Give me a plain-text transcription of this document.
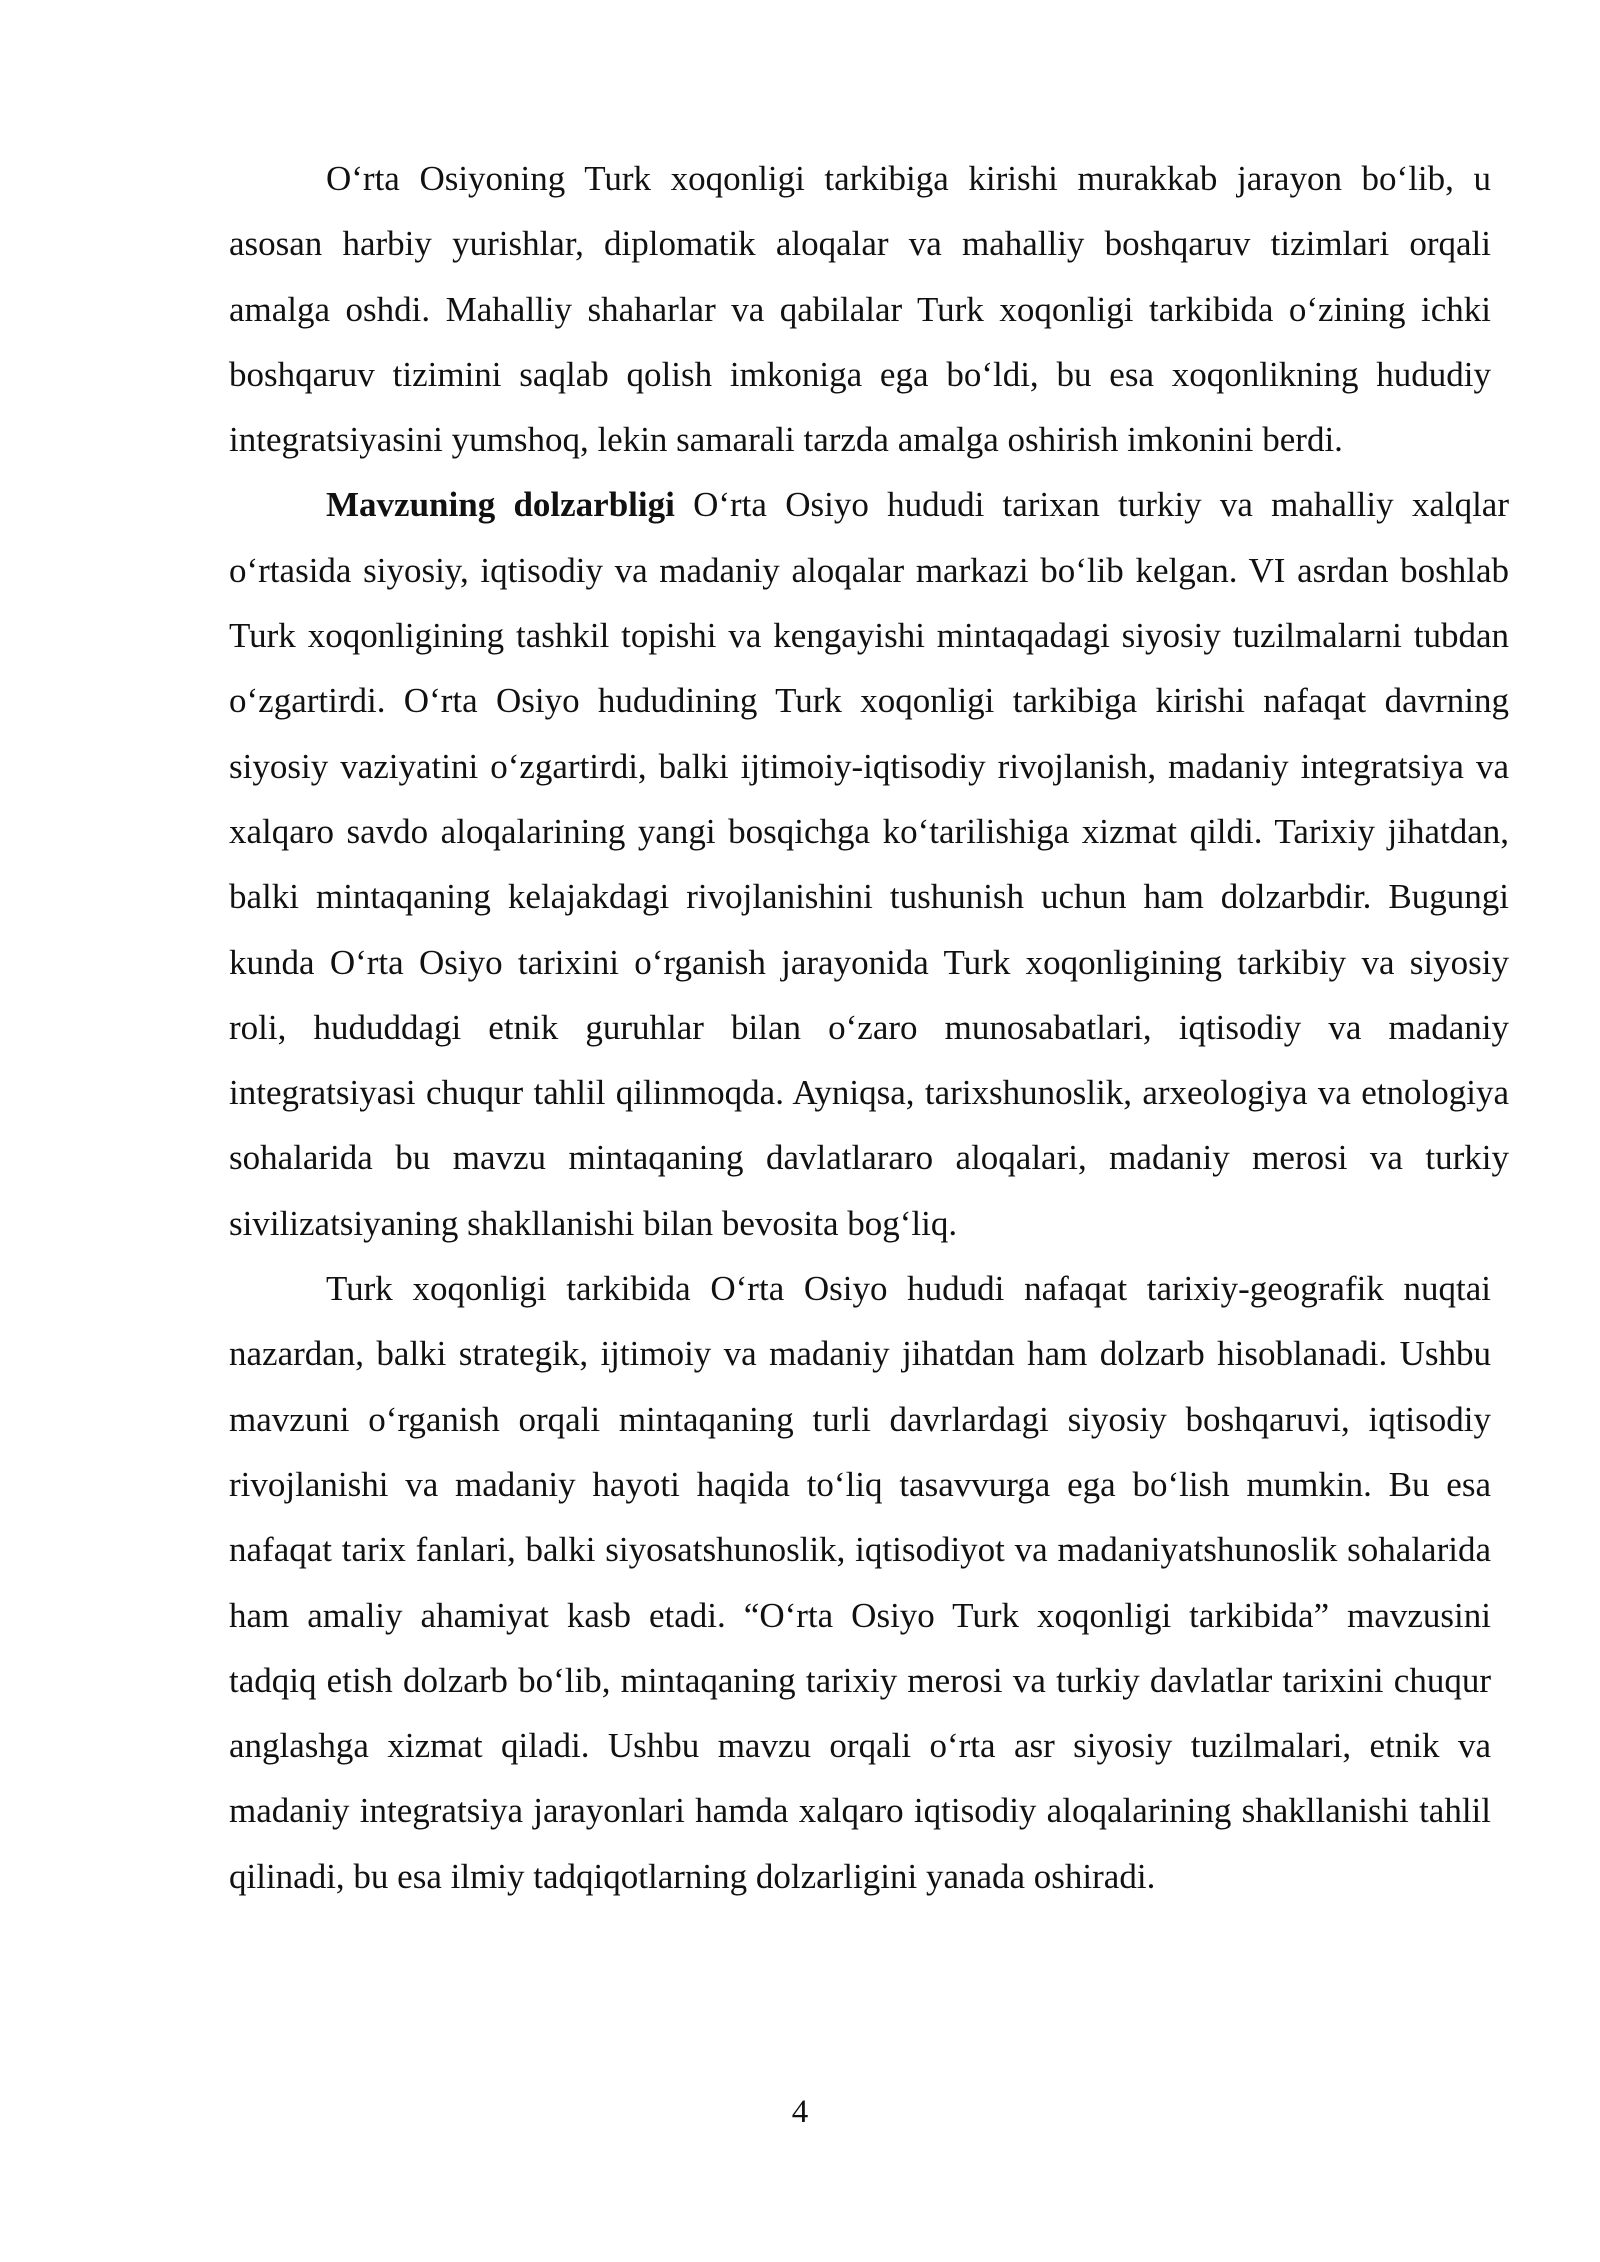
O‘rta Osiyoning Turk xoqonligi tarkibiga kirishi murakkab jarayon bo‘lib, u asosan harbiy yurishlar, diplomatik aloqalar va mahalliy boshqaruv tizimlari orqali amalga oshdi. Mahalliy shaharlar va qabilalar Turk xoqonligi tarkibida o‘zining ichki boshqaruv tizimini saqlab qolish imkoniga ega bo‘ldi, bu esa xoqonlikning hududiy integratsiyasini yumshoq, lekin samarali tarzda amalga oshirish imkonini berdi.

Mavzuning dolzarbligi O‘rta Osiyo hududi tarixan turkiy va mahalliy xalqlar o‘rtasida siyosiy, iqtisodiy va madaniy aloqalar markazi bo‘lib kelgan. VI asrdan boshlab Turk xoqonligining tashkil topishi va kengayishi mintaqadagi siyosiy tuzilmalarni tubdan o‘zgartirdi. O‘rta Osiyo hududining Turk xoqonligi tarkibiga kirishi nafaqat davrning siyosiy vaziyatini o‘zgartirdi, balki ijtimoiy-iqtisodiy rivojlanish, madaniy integratsiya va xalqaro savdo aloqalarining yangi bosqichga ko‘tarilishiga xizmat qildi. Tarixiy jihatdan, balki mintaqaning kelajakdagi rivojlanishini tushunish uchun ham dolzarbdir. Bugungi kunda O‘rta Osiyo tarixini o‘rganish jarayonida Turk xoqonligining tarkibiy va siyosiy roli, hududdagi etnik guruhlar bilan o‘zaro munosabatlari, iqtisodiy va madaniy integratsiyasi chuqur tahlil qilinmoqda. Ayniqsa, tarixshunoslik, arxeologiya va etnologiya sohalarida bu mavzu mintaqaning davlatlararo aloqalari, madaniy merosi va turkiy sivilizatsiyaning shakllanishi bilan bevosita bog‘liq.

Turk xoqonligi tarkibida O‘rta Osiyo hududi nafaqat tarixiy-geografik nuqtai nazardan, balki strategik, ijtimoiy va madaniy jihatdan ham dolzarb hisoblanadi. Ushbu mavzuni o‘rganish orqali mintaqaning turli davrlardagi siyosiy boshqaruvi, iqtisodiy rivojlanishi va madaniy hayoti haqida to‘liq tasavvurga ega bo‘lish mumkin. Bu esa nafaqat tarix fanlari, balki siyosatshunoslik, iqtisodiyot va madaniyatshunoslik sohalarida ham amaliy ahamiyat kasb etadi. “O‘rta Osiyo Turk xoqonligi tarkibida” mavzusini tadqiq etish dolzarb bo‘lib, mintaqaning tarixiy merosi va turkiy davlatlar tarixini chuqur anglashga xizmat qiladi. Ushbu mavzu orqali o‘rta asr siyosiy tuzilmalari, etnik va madaniy integratsiya jarayonlari hamda xalqaro iqtisodiy aloqalarining shakllanishi tahlil qilinadi, bu esa ilmiy tadqiqotlarning dolzarligini yanada oshiradi.

4
